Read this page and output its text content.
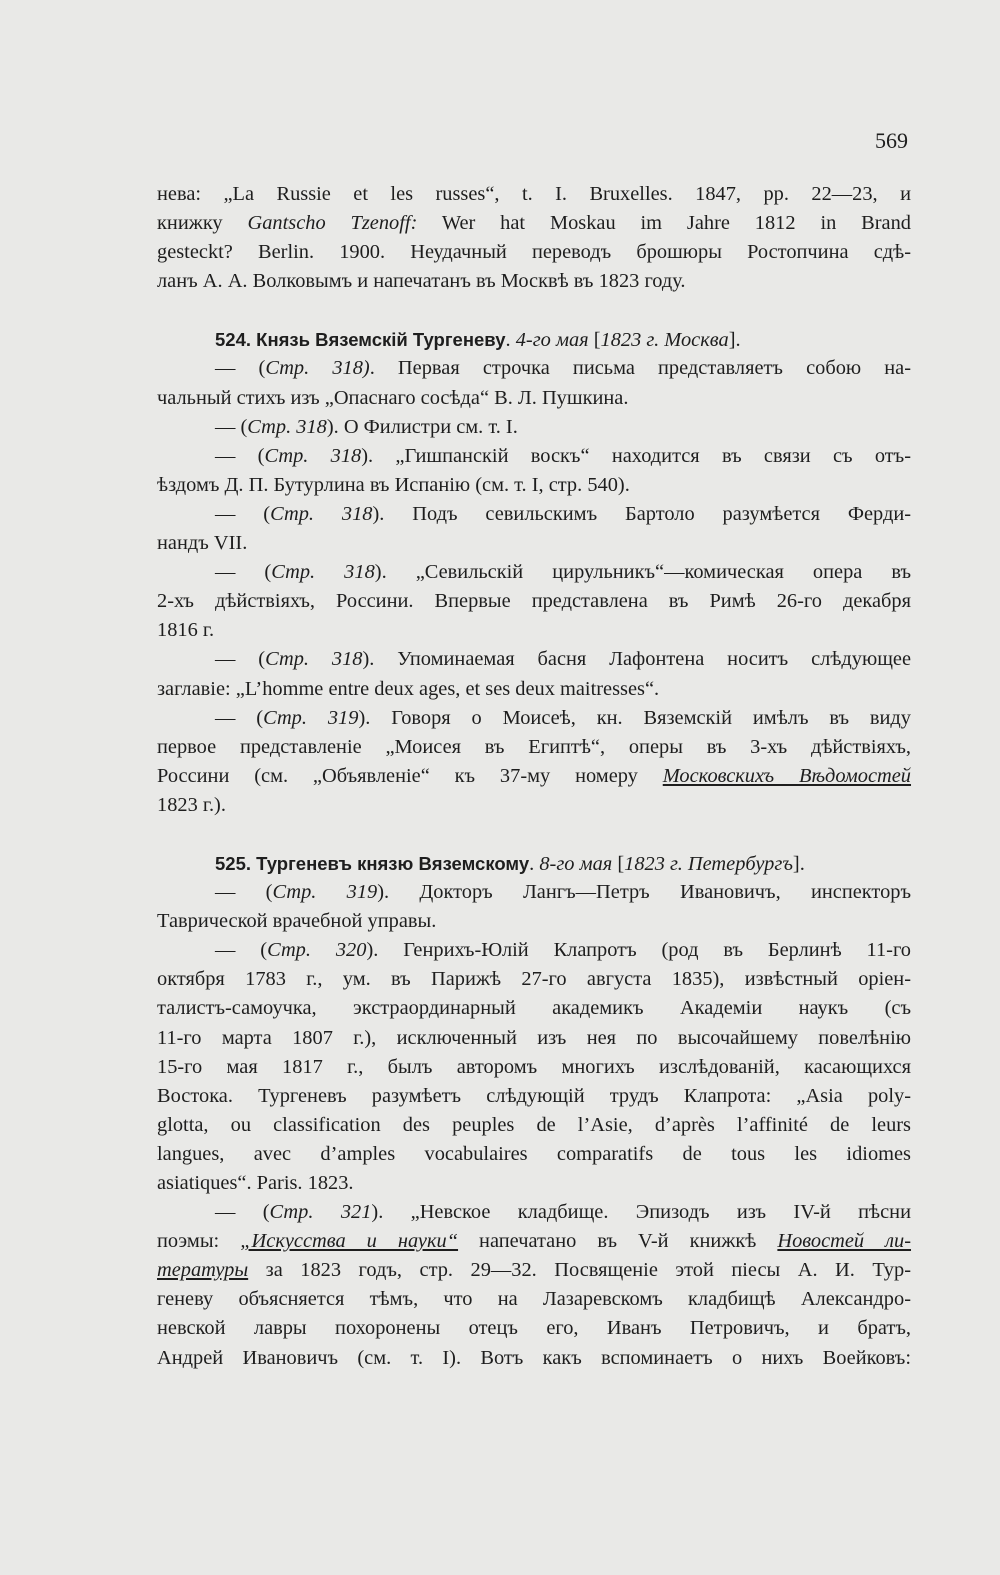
569
нева: „La Russie et les russes“, t. I. Bruxelles. 1847, pp. 22—23, и
книжку Gantscho Tzenoff: Wer hat Moskau im Jahre 1812 in Brand
gesteckt? Berlin. 1900. Неудачный переводъ брошюры Ростопчина сдѣ-
ланъ А. А. Волковымъ и напечатанъ въ Москвѣ въ 1823 году.
524. Князь Вяземскій Тургеневу. 4-го мая [1823 г. Москва].
— (Стр. 318). Первая строчка письма представляетъ собою на-
чальный стихъ изъ „Опаснаго сосѣда“ В. Л. Пушкина.
— (Стр. 318). О Филистри см. т. I.
— (Стр. 318). „Гишпанскій воскъ“ находится въ связи съ отъ-
ѣздомъ Д. П. Бутурлина въ Испанію (см. т. I, стр. 540).
— (Стр. 318). Подъ севильскимъ Бартоло разумѣется Ферди-
нандъ VII.
— (Стр. 318). „Севильскій цирульникъ“—комическая опера въ
2-хъ дѣйствіяхъ, Россини. Впервые представлена въ Римѣ 26-го декабря
1816 г.
— (Стр. 318). Упоминаемая басня Лафонтена носитъ слѣдующее
заглавіе: „L’homme entre deux ages, et ses deux maitresses“.
— (Стр. 319). Говоря о Моисеѣ, кн. Вяземскій имѣлъ въ виду
первое представленіе „Моисея въ Египтѣ“, оперы въ 3-хъ дѣйствіяхъ,
Россини (см. „Объявленіе“ къ 37-му номеру Московскихъ Вѣдомостей
1823 г.).
525. Тургеневъ князю Вяземскому. 8-го мая [1823 г. Петербургъ].
— (Стр. 319). Докторъ Лангъ—Петръ Ивановичъ, инспекторъ
Таврической врачебной управы.
— (Стр. 320). Генрихъ-Юлій Клапротъ (род въ Берлинѣ 11-го
октября 1783 г., ум. въ Парижѣ 27-го августа 1835), извѣстный оріен-
талистъ-самоучка, экстраординарный академикъ Академіи наукъ (съ
11-го марта 1807 г.), исключенный изъ нея по высочайшему повелѣнію
15-го мая 1817 г., былъ авторомъ многихъ изслѣдованій, касающихся
Востока. Тургеневъ разумѣетъ слѣдующій трудъ Клапрота: „Asia poly-
glotta, ou classification des peuples de l’Asie, d’après l’affinité de leurs
langues, avec d’amples vocabulaires comparatifs de tous les idiomes
asiatiques“. Paris. 1823.
— (Стр. 321). „Невское кладбище. Эпизодъ изъ IV-й пѣсни
поэмы: „Искусства и науки“ напечатано въ V-й книжкѣ Новостей ли-
тературы за 1823 годъ, стр. 29—32. Посвященіе этой піесы А. И. Тур-
геневу объясняется тѣмъ, что на Лазаревскомъ кладбищѣ Александро-
невской лавры похоронены отецъ его, Иванъ Петровичъ, и братъ,
Андрей Ивановичъ (см. т. I). Вотъ какъ вспоминаетъ о нихъ Воейковъ:
